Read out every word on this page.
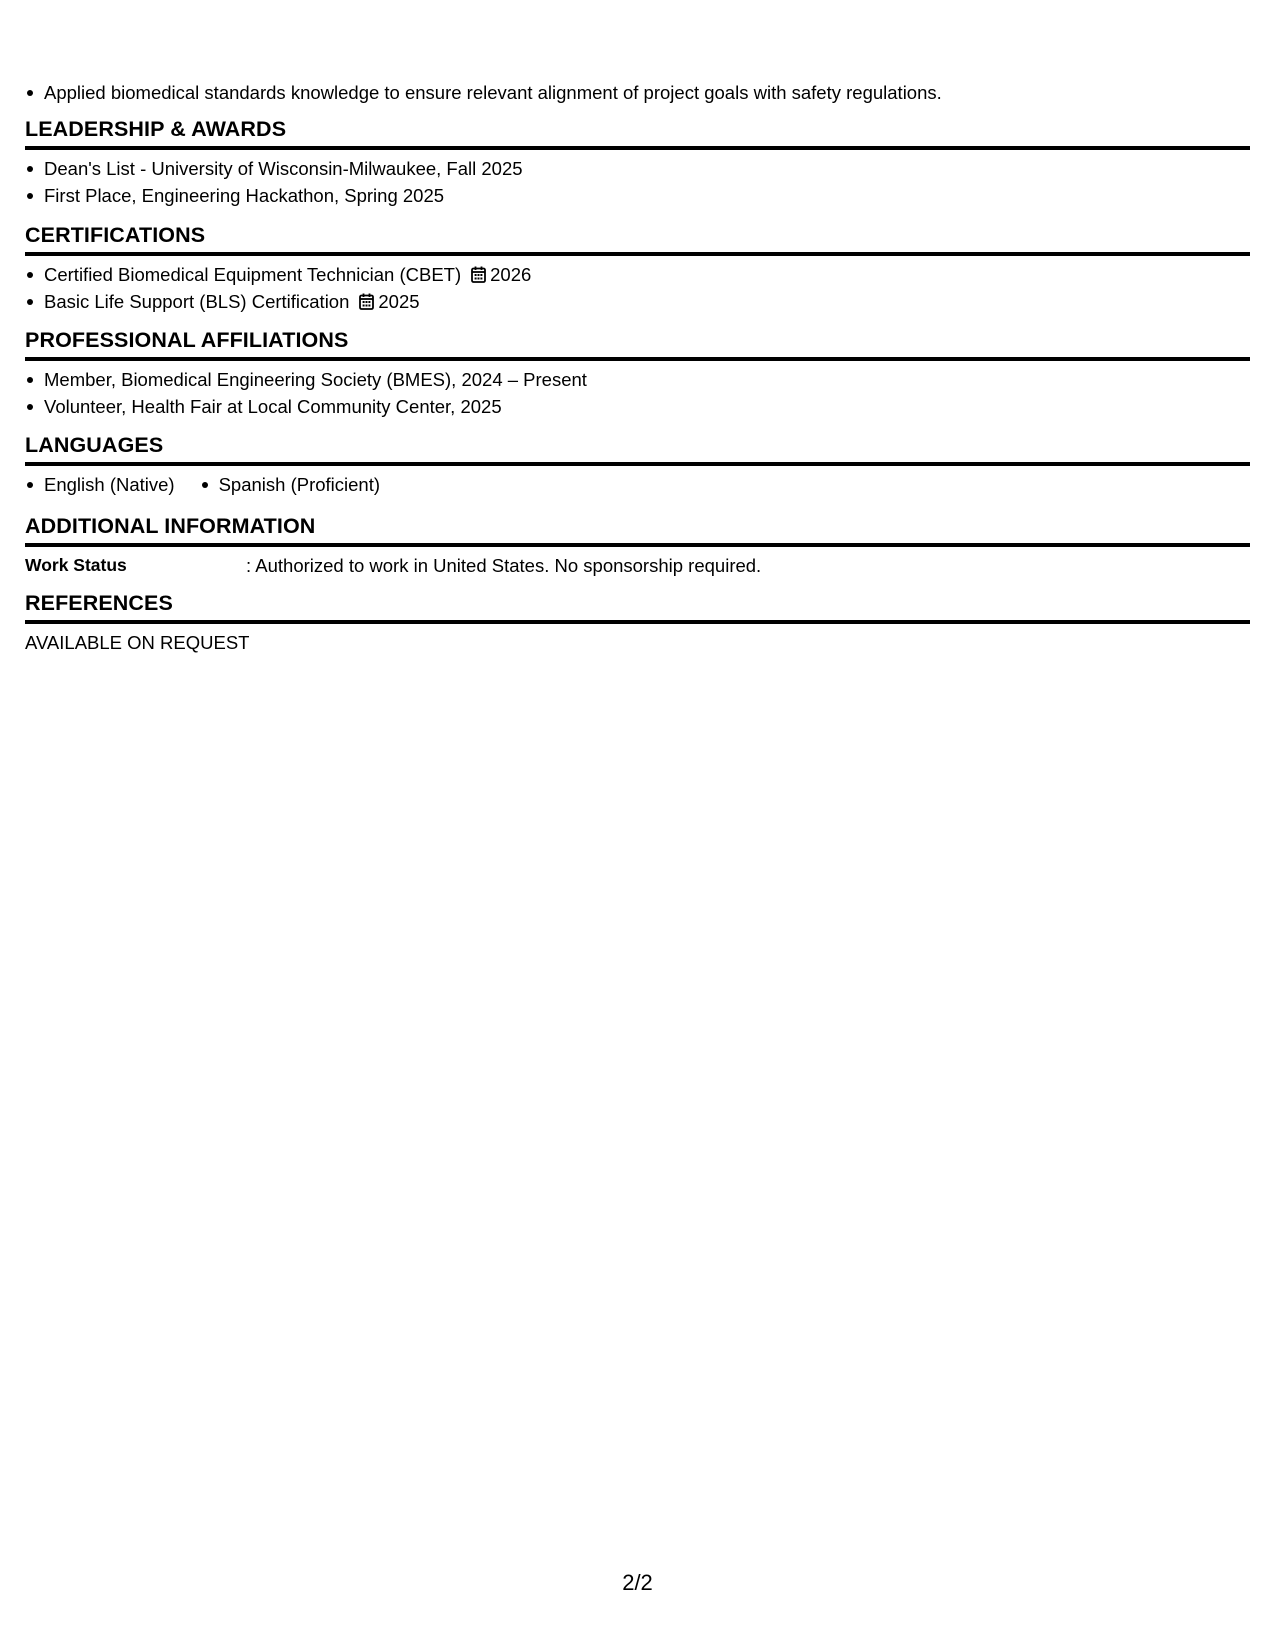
Applied biomedical standards knowledge to ensure relevant alignment of project goals with safety regulations.
LEADERSHIP & AWARDS
Dean's List - University of Wisconsin-Milwaukee, Fall 2025
First Place, Engineering Hackathon, Spring 2025
CERTIFICATIONS
Certified Biomedical Equipment Technician (CBET) 2026
Basic Life Support (BLS) Certification 2025
PROFESSIONAL AFFILIATIONS
Member, Biomedical Engineering Society (BMES), 2024 – Present
Volunteer, Health Fair at Local Community Center, 2025
LANGUAGES
English (Native) Spanish (Proficient)
ADDITIONAL INFORMATION
Work Status	: Authorized to work in United States. No sponsorship required.
REFERENCES
AVAILABLE ON REQUEST
2/2
